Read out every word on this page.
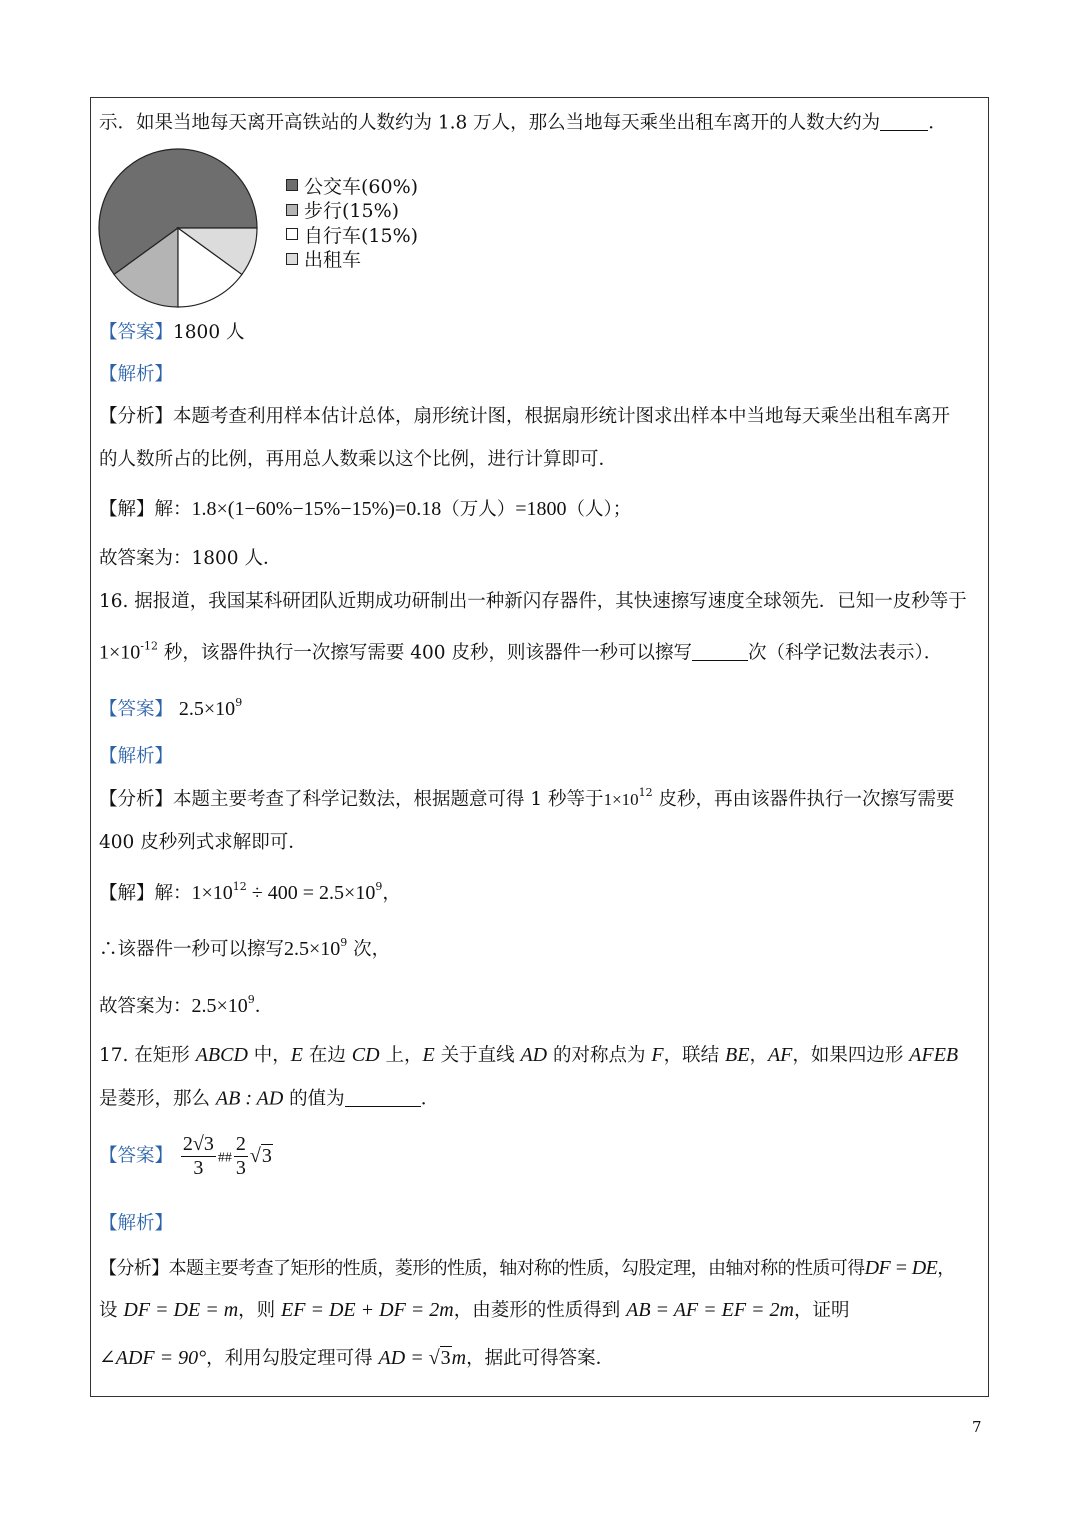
示．如果当地每天离开高铁站的人数约为 1.8 万人，那么当地每天乘坐出租车离开的人数大约为	．
公交车(60%)
步行(15%)
自行车(15%)
出租车
【答案】1800 人
【解析】
【分析】本题考查利用样本估计总体，扇形统计图，根据扇形统计图求出样本中当地每天乘坐出租车离开
的人数所占的比例，再用总人数乘以这个比例，进行计算即可．
【解】解：1.8×(1−60%−15%−15%)=0.18（万人）=1800（人）；
故答案为：1800 人．
16. 据报道，我国某科研团队近期成功研制出一种新闪存器件，其快速擦写速度全球领先．已知一皮秒等于
$1\times 10^{-12}$ 秒，该器件执行一次擦写需要 400 皮秒，则该器件一秒可以擦写	次（科学记数法表示）．
【答案】 $2.5\times 10^9$
【解析】
【分析】本题主要考查了科学记数法，根据题意可得 1 秒等于$1\times 10^{12}$ 皮秒，再由该器件执行一次擦写需要
400 皮秒列式求解即可．
【解】解：$1\times 10^{12} \div 400 = 2.5\times 10^9$，
∴该器件一秒可以擦写$2.5\times 10^9$ 次，
故答案为：$2.5\times 10^9$．
17. 在矩形 ABCD 中，E 在边 CD 上，E 关于直线 AD 的对称点为 F，联结 BE，AF，如果四边形 AFEB
是菱形，那么 AB : AD 的值为	．
【答案】 $\frac{2√3}{3}$ ## $\frac{2}{3} √3$
【解析】
【分析】本题主要考查了矩形的性质，菱形的性质，轴对称的性质，勾股定理，由轴对称的性质可得DF = DE，
设 DF = DE = m，则 EF = DE + DF = 2m，由菱形的性质得到 AB = AF = EF = 2m，证明
∠ADF = 90°，利用勾股定理可得 AD = √3m，据此可得答案．
7
